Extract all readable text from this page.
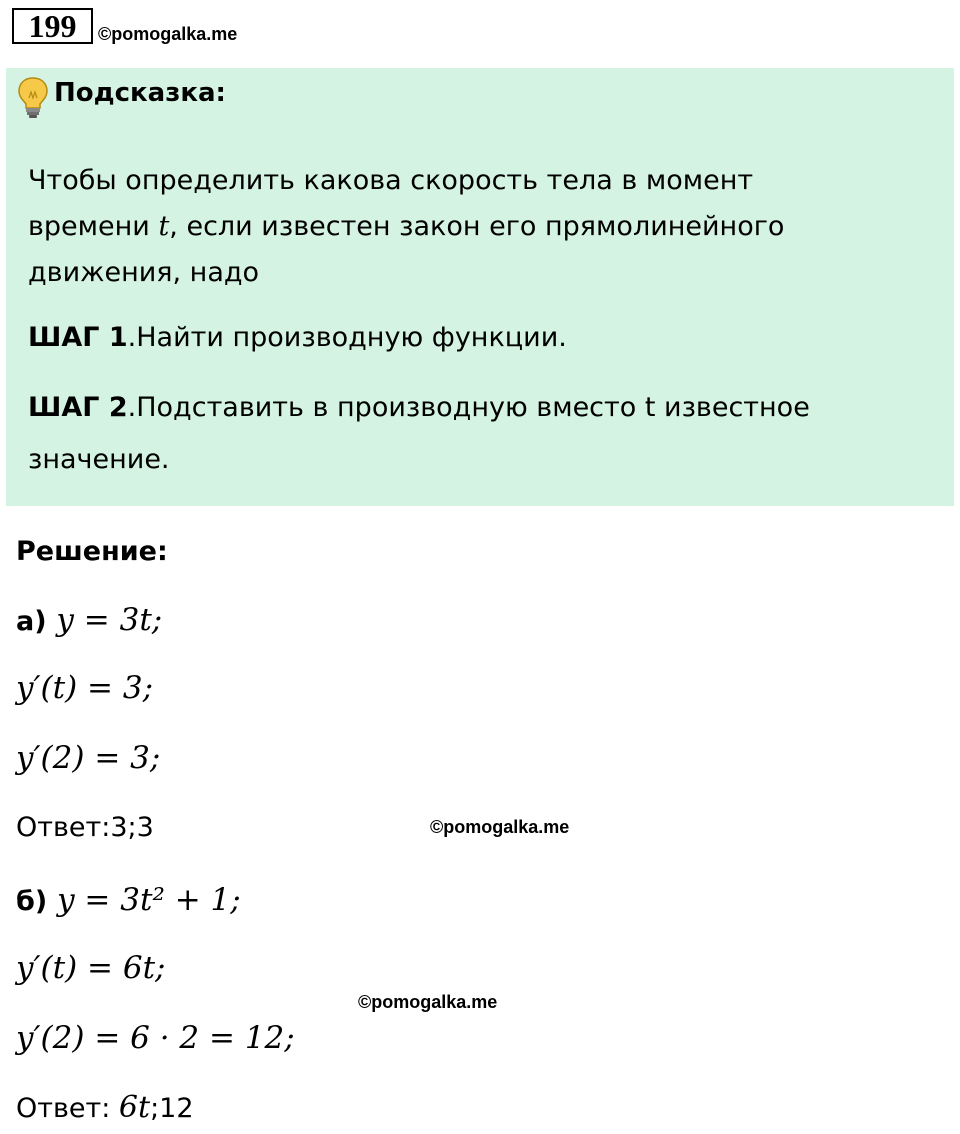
199	©pomogalka.me
Подсказка:
Чтобы определить какова скорость тела в момент
времени t, если известен закон его прямолинейного
движения, надо
ШАГ 1.Найти производную функции.
ШАГ 2.Подставить в производную вместо t известное
значение.
Решение:
а) y = 3t;
y′(t) = 3;
y′(2) = 3;
Ответ:3;3	©pomogalka.me
б) y = 3t² + 1;
y′(t) = 6t;
©pomogalka.me
y′(2) = 6 · 2 = 12;
Ответ: 6t;12
